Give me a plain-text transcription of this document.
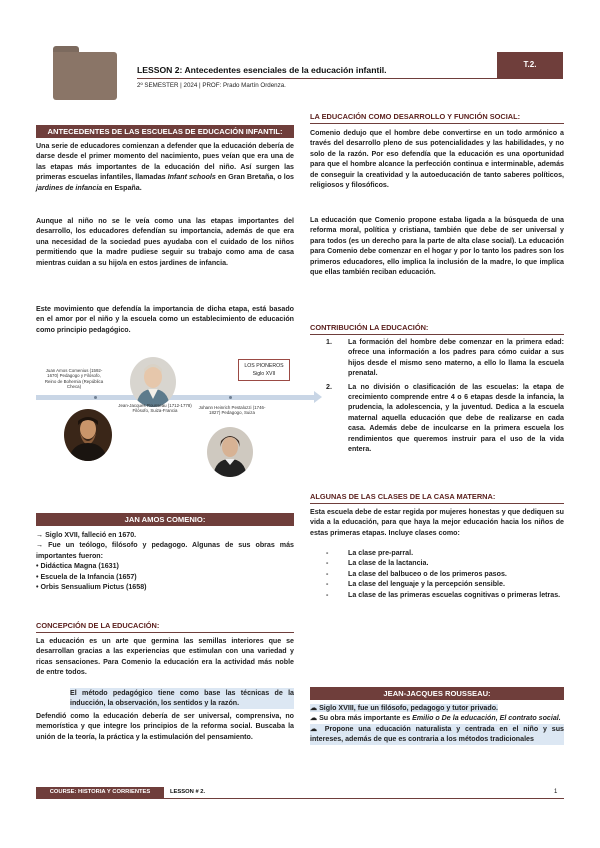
LESSON 2: Antecedentes esenciales de la educación infantil.
2º SEMESTER | 2024 | PROF: Prado Martín Ordenza.
T.2.
ANTECEDENTES DE LAS ESCUELAS DE EDUCACIÓN INFANTIL:
Una serie de educadores comienzan a defender que la educación debería de darse desde el primer momento del nacimiento, pues veían que era una de las etapas más importantes de la educación del niño. Así surgen las primeras escuelas infantiles, llamadas Infant schools en Gran Bretaña, o los jardines de infancia en España.
Aunque al niño no se le veía como una las etapas importantes del desarrollo, los educadores defendían su importancia, además de que era una necesidad de la sociedad pues ayudaba con el cuidado de los niños permitiendo que la madre pudiese seguir su trabajo como ama de casa mientras cuidan a su hijo/a en estos jardines de infancia.
Este movimiento que defendía la importancia de dicha etapa, está basado en el amor por el niño y la escuela como un establecimiento de educación como principio pedagógico.
LOS PIONEROS
Siglo XVII
Juan Amos Comenius (1592-1670) Pedagogo y Filósofo, Reino de Bohemia (República Checa)
Jean-Jacques Rousseau (1712-1778) Filósofo, Suiza-Francia
Johann Heinrich Pestalozzi (1746-1827) Pedagogo, Suiza
JAN AMOS COMENIO:
→ Siglo XVII, falleció en 1670.
→ Fue un teólogo, filósofo y pedagogo. Algunas de sus obras más importantes fueron:
• Didáctica Magna (1631)
• Escuela de la Infancia (1657)
• Orbis Sensualium Pictus (1658)
CONCEPCIÓN DE LA EDUCACIÓN:
La educación es un arte que germina las semillas interiores que se desarrollan gracias a las experiencias que estimulan con una variedad y ricas sensaciones. Para Comenio la educación era la actividad más noble de entre todos.
El método pedagógico tiene como base las técnicas de la inducción, la observación, los sentidos y la razón.
Defendió como la educación debería de ser universal, comprensiva, no memorística y que integre los principios de la reforma social. Buscaba la unión de la teoría, la práctica y la estimulación del pensamiento.
LA EDUCACIÓN COMO DESARROLLO Y FUNCIÓN SOCIAL:
Comenio dedujo que el hombre debe convertirse en un todo armónico a través del desarrollo pleno de sus potencialidades y las habilidades, y no solo de la razón. Por eso defendía que la educación es una oportunidad para que el hombre alcance la perfección continua e interminable, además de conseguir la creatividad y la autoeducación de tanto saberes políticos, religiosos y filosóficos.
La educación que Comenio propone estaba ligada a la búsqueda de una reforma moral, política y cristiana, también que debe de ser universal y para todos (es un derecho para la parte de alta clase social). La educación para Comenio debe comenzar en el hogar y por lo tanto los padres son los primeros educadores, ello implica la inclusión de la madre, lo que implica que ellas también reciban educación.
CONTRIBUCIÓN LA EDUCACIÓN:
1.	La formación del hombre debe comenzar en la primera edad: ofrece una información a los padres para cómo cuidar a sus hijos desde el mismo seno materno, a ello lo llama la escuela prenatal.
2.	La no división o clasificación de las escuelas: la etapa de crecimiento comprende entre 4 o 6 etapas desde la infancia, la prudencia, la adolescencia, y la juventud. Dedica a la escuela maternal aquella educación que debe de realizarse en cada casa. Además debe de inculcarse en la primera escuela los rendimientos que queremos instruir para el uso de la vida entera.
ALGUNAS DE LAS CLASES DE LA CASA MATERNA:
Esta escuela debe de estar regida por mujeres honestas y que dediquen su vida a la educación, para que haya la mejor educación hacia los niños de estas primeras etapas. Incluye clases como:
-	La clase pre-parral.
-	La clase de la lactancia.
-	La clase del balbuceo o de los primeros pasos.
-	La clase del lenguaje y la percepción sensible.
-	La clase de las primeras escuelas cognitivas o primeras letras.
JEAN-JACQUES ROUSSEAU:
☁ Siglo XVIII, fue un filósofo, pedagogo y tutor privado.
☁ Su obra más importante es Emilio o De la educación, El contrato social.
☁ Propone una educación naturalista y centrada en el niño y sus intereses, además de que es contraria a los métodos tradicionales
COURSE: HISTORIA Y CORRIENTES	LESSON # 2.	1
